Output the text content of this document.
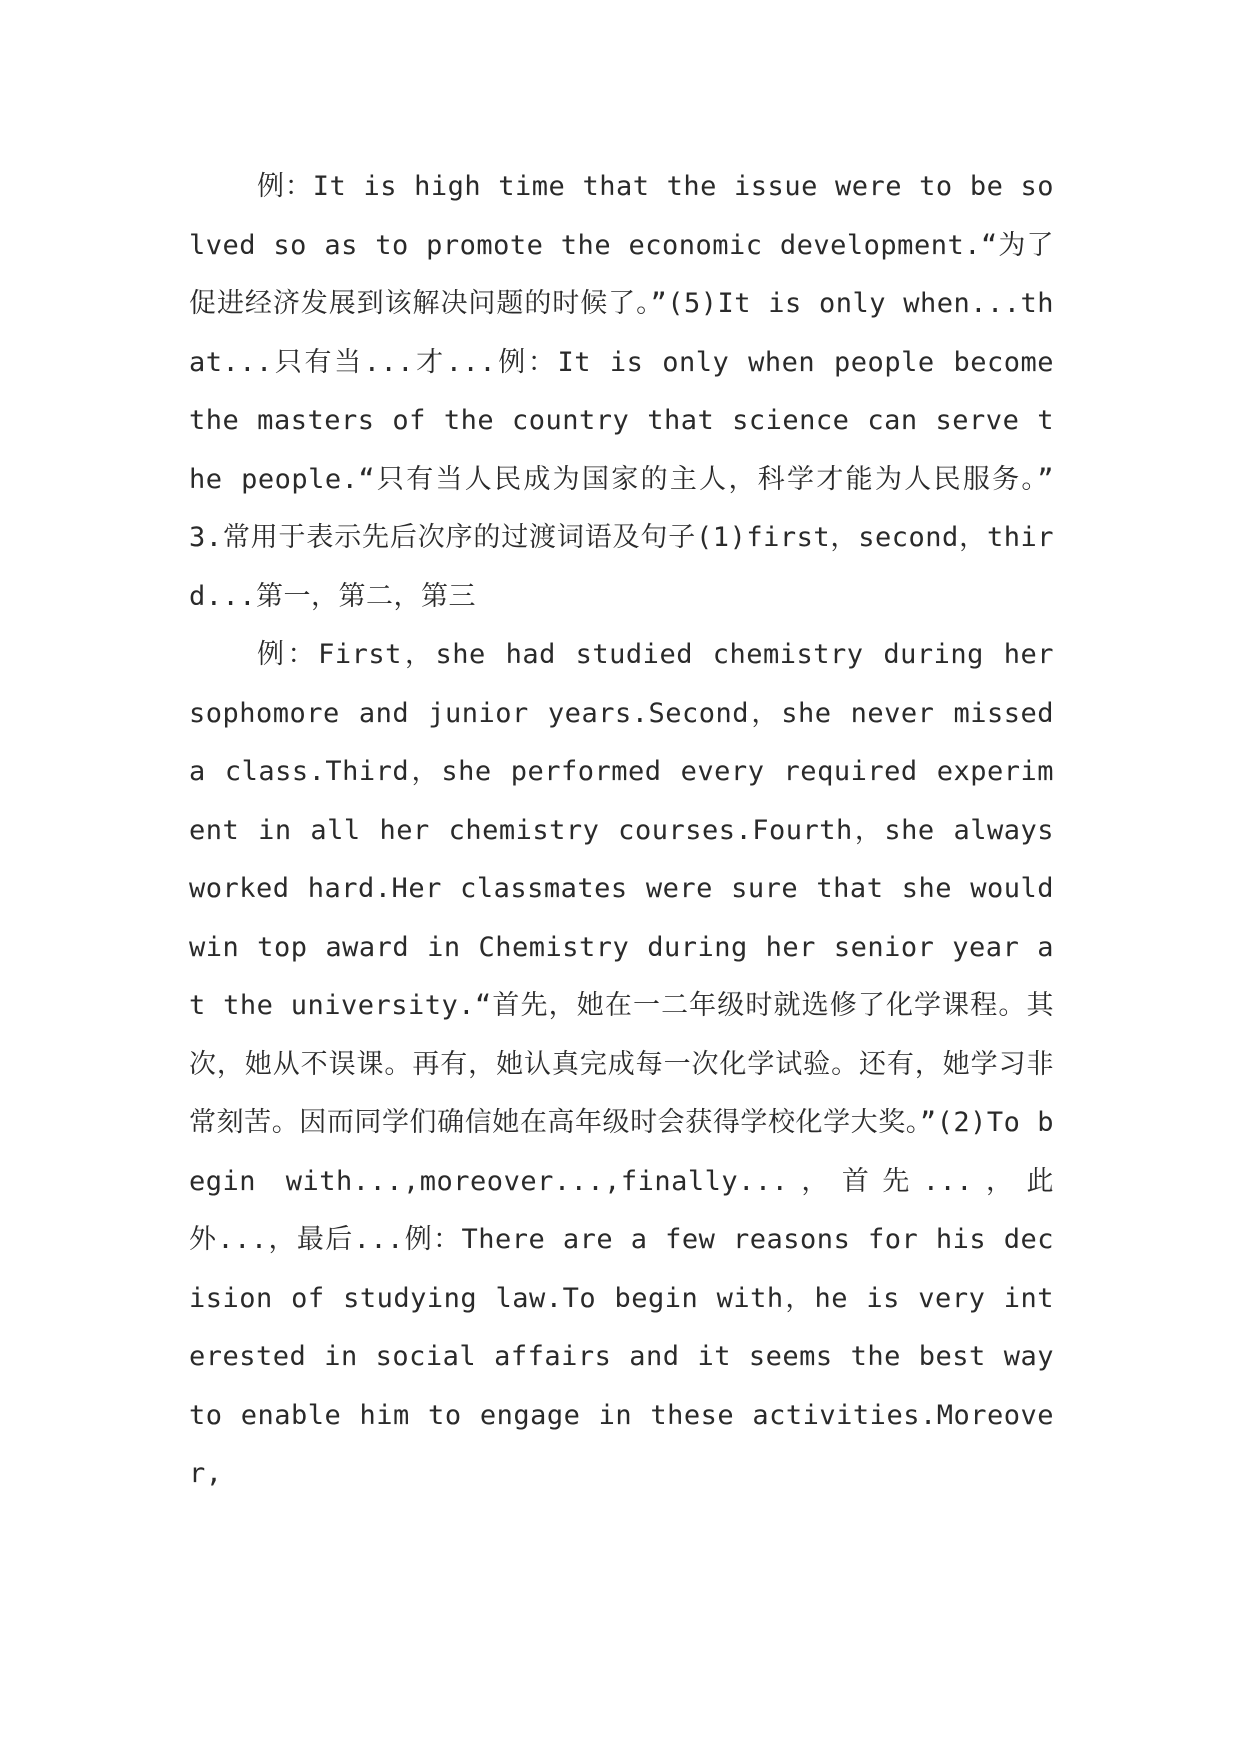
例：It is high time that the issue were to be solved so as to promote the economic development.“为了促进经济发展到该解决问题的时候了。”(5)It is only when...that...只有当...才...例：It is only when people become the masters of the country that science can serve the people.“只有当人民成为国家的主人，科学才能为人民服务。” 3.常用于表示先后次序的过渡词语及句子(1)first，second，third...第一，第二，第三

例：First，she had studied chemistry during her sophomore and junior years.Second，she never missed a class.Third，she performed every required experiment in all her chemistry courses.Fourth，she always worked hard.Her classmates were sure that she would win top award in Chemistry during her senior year at the university.“首先，她在一二年级时就选修了化学课程。其次，她从不误课。再有，她认真完成每一次化学试验。还有，她学习非常刻苦。因而同学们确信她在高年级时会获得学校化学大奖。”(2)To begin with...,moreover...,finally...，首先...，此外...，最后...例：There are a few reasons for his decision of studying law.To begin with，he is very interested in social affairs and it seems the best way to enable him to engage in these activities.Moreover,
